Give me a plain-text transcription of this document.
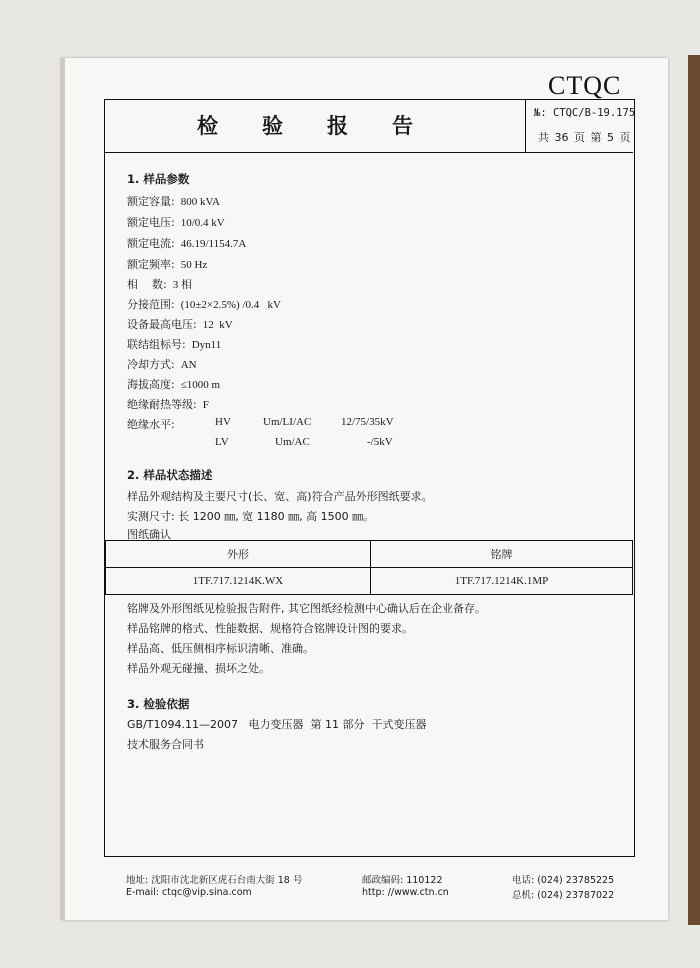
CTQC
检 验 报 告
№: CTQC/B-19.175
共 36 页 第 5 页
1. 样品参数
额定容量: 800 kVA
额定电压: 10/0.4 kV
额定电流: 46.19/1154.7A
额定频率: 50 Hz
相    数: 3 相
分接范围: (10±2×2.5%) /0.4   kV
设备最高电压: 12  kV
联结组标号: Dyn11
冷却方式: AN
海拔高度: ≤1000 m
绝缘耐热等级: F
绝缘水平:	HV	Um/LI/AC	12/75/35kV
LV	Um/AC	-/5kV
2. 样品状态描述
样品外观结构及主要尺寸(长、宽、高)符合产品外形图纸要求。
实测尺寸: 长 1200 ㎜, 宽 1180 ㎜, 高 1500 ㎜。
图纸确认
外形	铭牌
1TF.717.1214K.WX	1TF.717.1214K.1MP
铭牌及外形图纸见检验报告附件, 其它图纸经检测中心确认后在企业备存。
样品铭牌的格式、性能数据、规格符合铭牌设计图的要求。
样品高、低压侧相序标识清晰、准确。
样品外观无碰撞、损坏之处。
3. 检验依据
GB/T1094.11—2007   电力变压器  第 11 部分  干式变压器
技术服务合同书
地址: 沈阳市沈北新区虎石台南大街 18 号	邮政编码: 110122	电话: (024) 23785225
E-mail: ctqc@vip.sina.com	http: //www.ctn.cn	总机: (024) 23787022
